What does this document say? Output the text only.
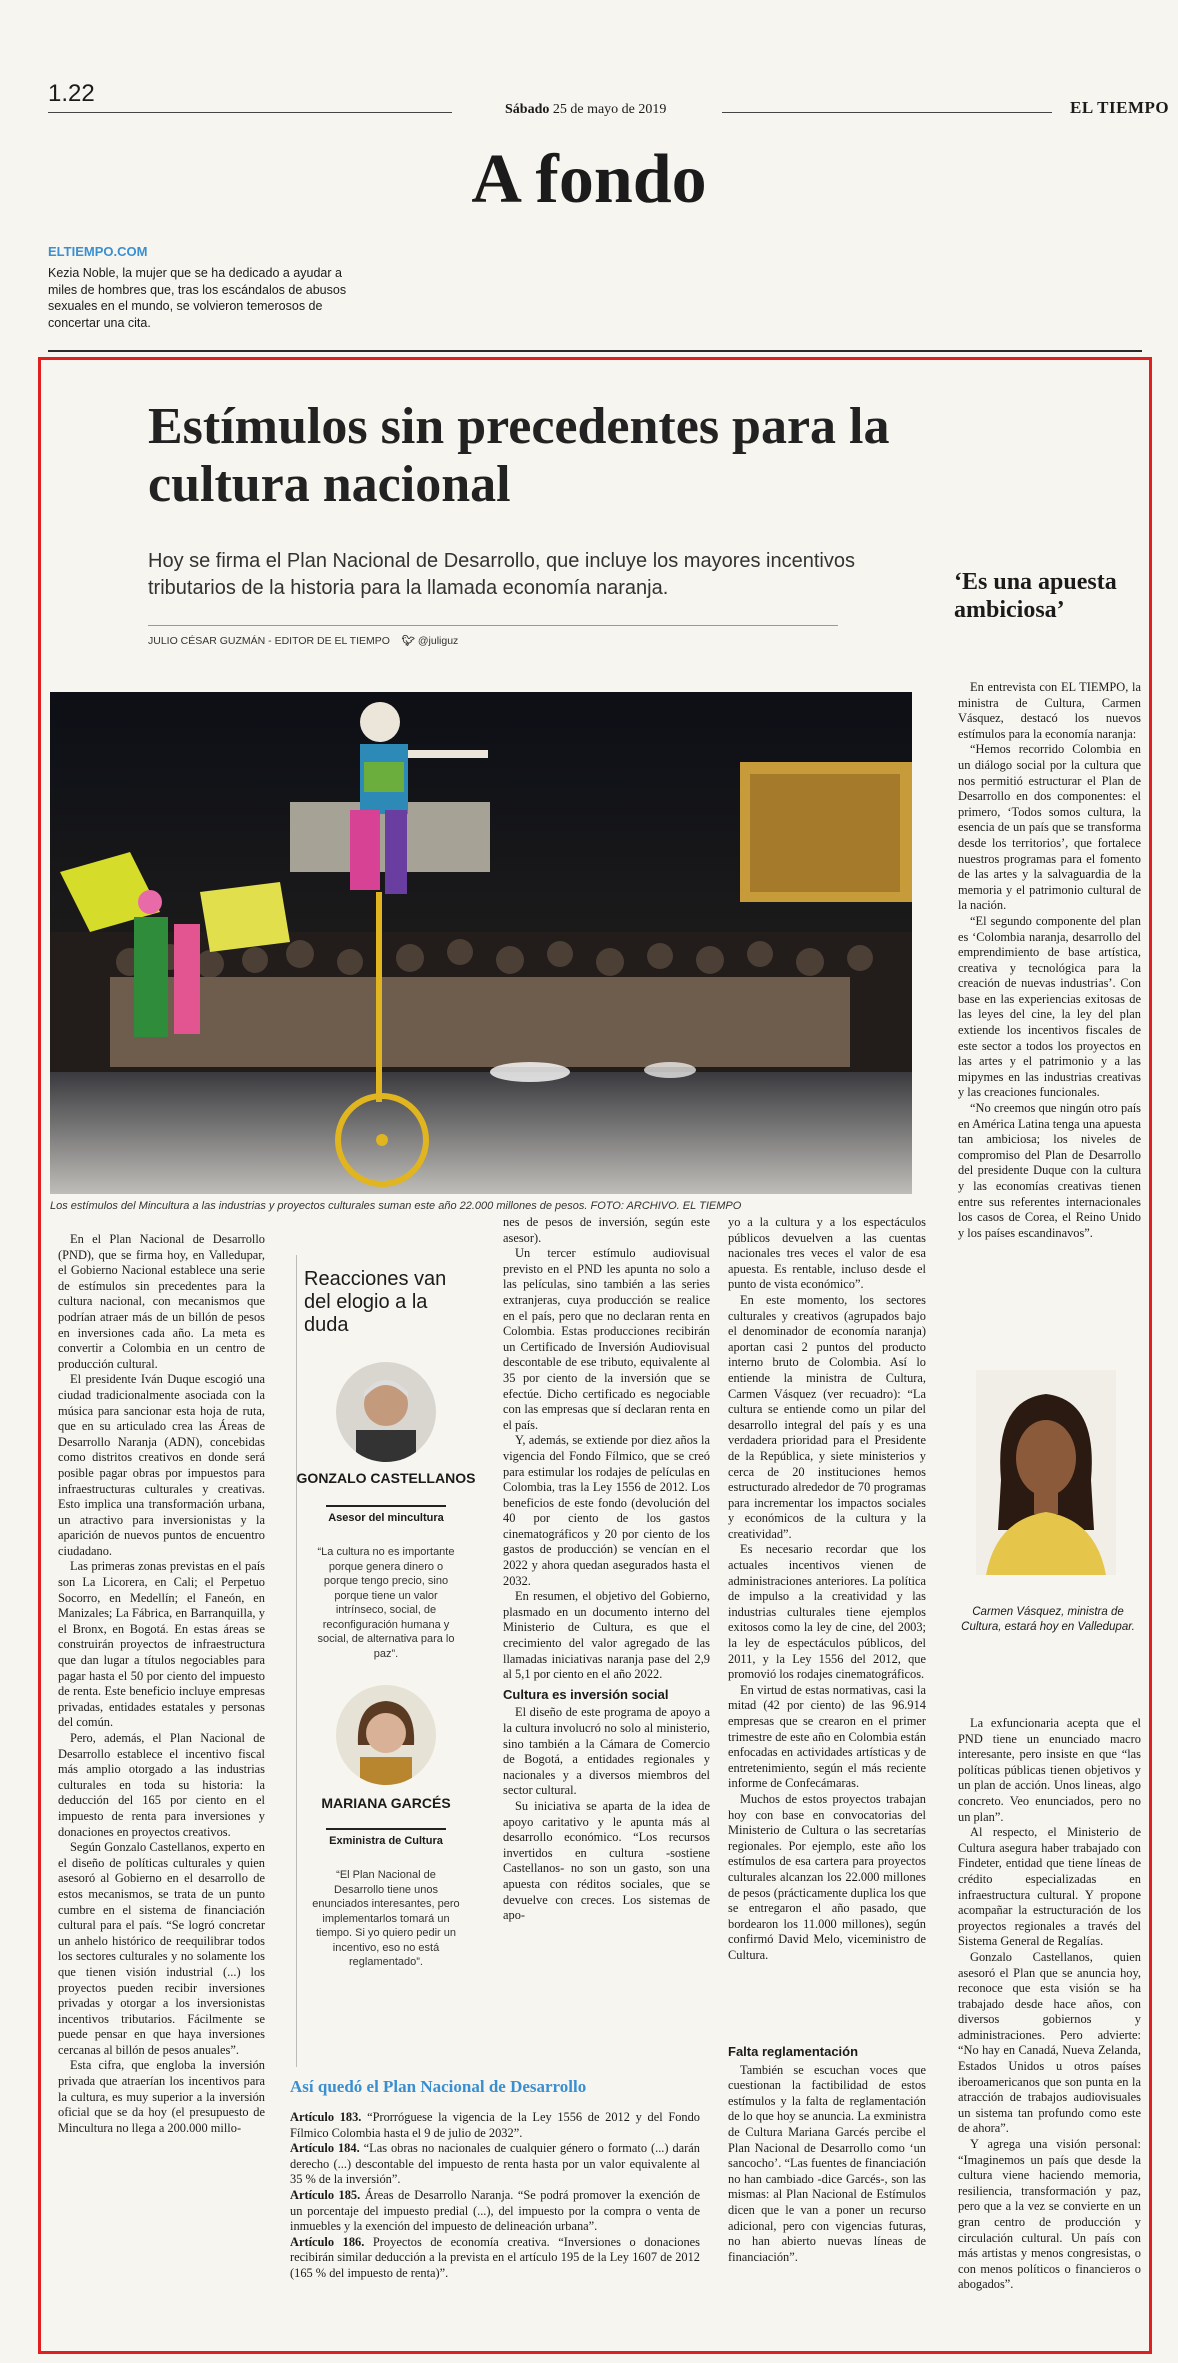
1.22
Sábado 25 de mayo de 2019	EL TIEMPO
A fondo
ELTIEMPO.COM
Kezia Noble, la mujer que se ha dedicado a ayudar a miles de hombres que, tras los escándalos de abusos sexuales en el mundo, se volvieron temerosos de concertar una cita.
Estímulos sin precedentes para la cultura nacional
Hoy se firma el Plan Nacional de Desarrollo, que incluye los mayores incentivos tributarios de la historia para la llamada economía naranja.
JULIO CÉSAR GUZMÁN - EDITOR DE EL TIEMPO 🐦︎ @juliguz
Los estímulos del Mincultura a las industrias y proyectos culturales suman este año 22.000 millones de pesos. FOTO: ARCHIVO. EL TIEMPO

En el Plan Nacional de Desarrollo (PND), que se firma hoy, en Valledupar, el Gobierno Nacional establece una serie de estímulos sin precedentes para la cultura nacional, con mecanismos que podrían atraer más de un billón de pesos en inversiones cada año. La meta es convertir a Colombia en un centro de producción cultural.

El presidente Iván Duque escogió una ciudad tradicionalmente asociada con la música para sancionar esta hoja de ruta, que en su articulado crea las Áreas de Desarrollo Naranja (ADN), concebidas como distritos creativos en donde será posible pagar obras por impuestos para infraestructuras culturales y creativas. Esto implica una transformación urbana, un atractivo para inversionistas y la aparición de nuevos puntos de encuentro ciudadano.

Las primeras zonas previstas en el país son La Licorera, en Cali; el Perpetuo Socorro, en Medellín; el Faneón, en Manizales; La Fábrica, en Barranquilla, y el Bronx, en Bogotá. En estas áreas se construirán proyectos de infraestructura que dan lugar a títulos negociables para pagar hasta el 50 por ciento del impuesto de renta. Este beneficio incluye empresas privadas, entidades estatales y personas del común.

Pero, además, el Plan Nacional de Desarrollo establece el incentivo fiscal más amplio otorgado a las industrias culturales en toda su historia: la deducción del 165 por ciento en el impuesto de renta para inversiones y donaciones en proyectos creativos.

Según Gonzalo Castellanos, experto en el diseño de políticas culturales y quien asesoró al Gobierno en el desarrollo de estos mecanismos, se trata de un punto cumbre en el sistema de financiación cultural para el país. “Se logró concretar un anhelo histórico de reequilibrar todos los sectores culturales y no solamente los que tienen visión industrial (...) los proyectos pueden recibir inversiones privadas y otorgar a los inversionistas incentivos tributarios. Fácilmente se puede pensar en que haya inversiones cercanas al billón de pesos anuales”.

Esta cifra, que engloba la inversión privada que atraerían los incentivos para la cultura, es muy superior a la inversión oficial que se da hoy (el presupuesto de Mincultura no llega a 200.000 millo-

Reacciones van del elogio a la duda
GONZALO CASTELLANOS
Asesor del mincultura
“La cultura no es importante porque genera dinero o porque tengo precio, sino porque tiene un valor intrínseco, social, de reconfiguración humana y social, de alternativa para lo paz”.
MARIANA GARCÉS
Exministra de Cultura
“El Plan Nacional de Desarrollo tiene unos enunciados interesantes, pero implementarlos tomará un tiempo. Si yo quiero pedir un incentivo, eso no está reglamentado”.

nes de pesos de inversión, según este asesor).

Un tercer estímulo audiovisual previsto en el PND les apunta no solo a las películas, sino también a las series extranjeras, cuya producción se realice en el país, pero que no declaran renta en Colombia. Estas producciones recibirán un Certificado de Inversión Audiovisual descontable de ese tributo, equivalente al 35 por ciento de la inversión que se efectúe. Dicho certificado es negociable con las empresas que sí declaran renta en el país.

Y, además, se extiende por diez años la vigencia del Fondo Fílmico, que se creó para estimular los rodajes de películas en Colombia, tras la Ley 1556 de 2012. Los beneficios de este fondo (devolución del 40 por ciento de los gastos cinematográficos y 20 por ciento de los gastos de producción) se vencían en el 2022 y ahora quedan asegurados hasta el 2032.

En resumen, el objetivo del Gobierno, plasmado en un documento interno del Ministerio de Cultura, es que el crecimiento del valor agregado de las llamadas iniciativas naranja pase del 2,9 al 5,1 por ciento en el año 2022.

Cultura es inversión social

El diseño de este programa de apoyo a la cultura involucró no solo al ministerio, sino también a la Cámara de Comercio de Bogotá, a entidades regionales y nacionales y a diversos miembros del sector cultural.

Su iniciativa se aparta de la idea de apoyo caritativo y le apunta más al desarrollo económico. “Los recursos invertidos en cultura -sostiene Castellanos- no son un gasto, son una apuesta con réditos sociales, que se devuelve con creces. Los sistemas de apo-

yo a la cultura y a los espectáculos públicos devuelven a las cuentas nacionales tres veces el valor de esa apuesta. Es rentable, incluso desde el punto de vista económico”.

En este momento, los sectores culturales y creativos (agrupados bajo el denominador de economía naranja) aportan casi 2 puntos del producto interno bruto de Colombia. Así lo entiende la ministra de Cultura, Carmen Vásquez (ver recuadro): “La cultura se entiende como un pilar del desarrollo integral del país y es una verdadera prioridad para el Presidente de la República, y siete ministerios y cerca de 20 instituciones hemos estructurado alrededor de 70 programas para incrementar los impactos sociales y económicos de la cultura y la creatividad”.

Es necesario recordar que los actuales incentivos vienen de administraciones anteriores. La política de impulso a la creatividad y las industrias culturales tiene ejemplos exitosos como la ley de cine, del 2003; la ley de espectáculos públicos, del 2011, y la Ley 1556 del 2012, que promovió los rodajes cinematográficos.

En virtud de estas normativas, casi la mitad (42 por ciento) de las 96.914 empresas que se crearon en el primer trimestre de este año en Colombia están enfocadas en actividades artísticas y de entretenimiento, según el más reciente informe de Confecámaras.

Muchos de estos proyectos trabajan hoy con base en convocatorias del Ministerio de Cultura o las secretarías regionales. Por ejemplo, este año los estímulos de esa cartera para proyectos culturales alcanzan los 22.000 millones de pesos (prácticamente duplica los que se entregaron el año pasado, que bordearon los 11.000 millones), según confirmó David Melo, viceministro de Cultura.

Falta reglamentación

También se escuchan voces que cuestionan la factibilidad de estos estímulos y la falta de reglamentación de lo que hoy se anuncia. La exministra de Cultura Mariana Garcés percibe el Plan Nacional de Desarrollo como ‘un sancocho’. “Las fuentes de financiación no han cambiado -dice Garcés-, son las mismas: al Plan Nacional de Estímulos dicen que le van a poner un recurso adicional, pero con vigencias futuras, no han abierto nuevas líneas de financiación”.

Así quedó el Plan Nacional de Desarrollo

Artículo 183. “Prorróguese la vigencia de la Ley 1556 de 2012 y del Fondo Fílmico Colombia hasta el 9 de julio de 2032”.

Artículo 184. “Las obras no nacionales de cualquier género o formato (...) darán derecho (...) descontable del impuesto de renta hasta por un valor equivalente al 35 % de la inversión”.

Artículo 185. Áreas de Desarrollo Naranja. “Se podrá promover la exención de un porcentaje del impuesto predial (...), del impuesto por la compra o venta de inmuebles y la exención del impuesto de delineación urbana”.

Artículo 186. Proyectos de economía creativa. “Inversiones o donaciones recibirán similar deducción a la prevista en el artículo 195 de la Ley 1607 de 2012 (165 % del impuesto de renta)”.

‘Es una apuesta ambiciosa’

En entrevista con EL TIEMPO, la ministra de Cultura, Carmen Vásquez, destacó los nuevos estímulos para la economía naranja:

“Hemos recorrido Colombia en un diálogo social por la cultura que nos permitió estructurar el Plan de Desarrollo en dos componentes: el primero, ‘Todos somos cultura, la esencia de un país que se transforma desde los territorios’, que fortalece nuestros programas para el fomento de las artes y la salvaguardia de la memoria y el patrimonio cultural de la nación.

“El segundo componente del plan es ‘Colombia naranja, desarrollo del emprendimiento de base artística, creativa y tecnológica para la creación de nuevas industrias’. Con base en las experiencias exitosas de las leyes del cine, la ley del plan extiende los incentivos fiscales de este sector a todos los proyectos en las artes y el patrimonio y a las mipymes en las industrias creativas y las creaciones funcionales.

“No creemos que ningún otro país en América Latina tenga una apuesta tan ambiciosa; los niveles de compromiso del Plan de Desarrollo del presidente Duque con la cultura y las economías creativas tienen entre sus referentes internacionales los casos de Corea, el Reino Unido y los países escandinavos”.

Carmen Vásquez, ministra de Cultura, estará hoy en Valledupar.

La exfuncionaria acepta que el PND tiene un enunciado macro interesante, pero insiste en que “las políticas públicas tienen objetivos y un plan de acción. Unos lineas, algo concreto. Veo enunciados, pero no un plan”.

Al respecto, el Ministerio de Cultura asegura haber trabajado con Findeter, entidad que tiene líneas de crédito especializadas en infraestructura cultural. Y propone acompañar la estructuración de los proyectos regionales a través del Sistema General de Regalías.

Gonzalo Castellanos, quien asesoró el Plan que se anuncia hoy, reconoce que esta visión se ha trabajado desde hace años, con diversos gobiernos y administraciones. Pero advierte: “No hay en Canadá, Nueva Zelanda, Estados Unidos u otros países iberoamericanos que son punta en la atracción de trabajos audiovisuales un sistema tan profundo como este de ahora”.

Y agrega una visión personal: “Imaginemos un país que desde la cultura viene haciendo memoria, resiliencia, transformación y paz, pero que a la vez se convierte en un gran centro de producción y circulación cultural. Un país con más artistas y menos congresistas, o con menos políticos o financieros o abogados”.
